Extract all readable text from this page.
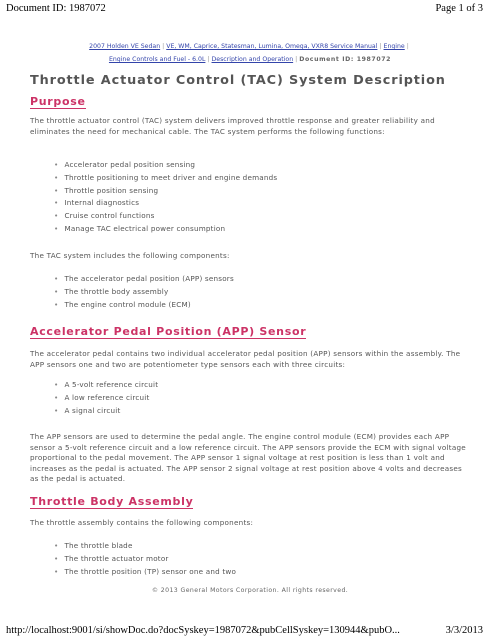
Document ID: 1987072	Page 1 of 3
2007 Holden VE Sedan | VE, WM, Caprice, Statesman, Lumina, Omega, VXR8 Service Manual | Engine |
Engine Controls and Fuel - 6.0L | Description and Operation | Document ID: 1987072
Throttle Actuator Control (TAC) System Description
Purpose

The throttle actuator control (TAC) system delivers improved throttle response and greater reliability and eliminates the need for mechanical cable. The TAC system performs the following functions:

• Accelerator pedal position sensing
• Throttle positioning to meet driver and engine demands
• Throttle position sensing
• Internal diagnostics
• Cruise control functions
• Manage TAC electrical power consumption

The TAC system includes the following components:

• The accelerator pedal position (APP) sensors
• The throttle body assembly
• The engine control module (ECM)
Accelerator Pedal Position (APP) Sensor

The accelerator pedal contains two individual accelerator pedal position (APP) sensors within the assembly. The APP sensors one and two are potentiometer type sensors each with three circuits:

• A 5-volt reference circuit
• A low reference circuit
• A signal circuit

The APP sensors are used to determine the pedal angle. The engine control module (ECM) provides each APP sensor a 5-volt reference circuit and a low reference circuit. The APP sensors provide the ECM with signal voltage proportional to the pedal movement. The APP sensor 1 signal voltage at rest position is less than 1 volt and increases as the pedal is actuated. The APP sensor 2 signal voltage at rest position above 4 volts and decreases as the pedal is actuated.

Throttle Body Assembly

The throttle assembly contains the following components:

• The throttle blade
• The throttle actuator motor
• The throttle position (TP) sensor one and two
© 2013 General Motors Corporation. All rights reserved.
http://localhost:9001/si/showDoc.do?docSyskey=1987072&pubCellSyskey=130944&pubO...	3/3/2013
